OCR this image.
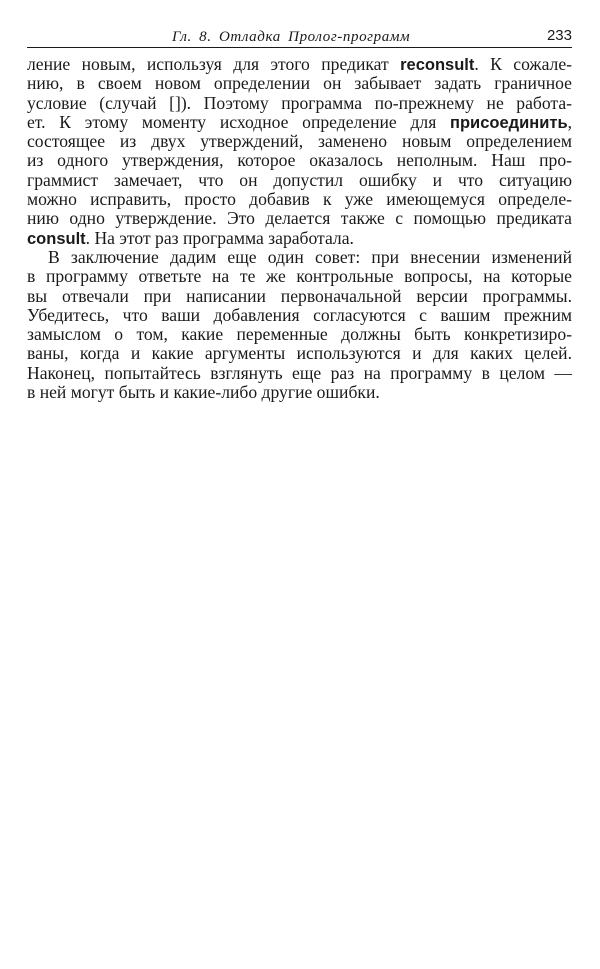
Гл. 8. Отладка Пролог-программ	233
ление новым, используя для этого предикат reconsult. К сожале-
нию, в своем новом определении он забывает задать граничное
условие (случай []). Поэтому программа по-прежнему не работа-
ет. К этому моменту исходное определение для присоединить,
состоящее из двух утверждений, заменено новым определением
из одного утверждения, которое оказалось неполным. Наш про-
граммист замечает, что он допустил ошибку и что ситуацию
можно исправить, просто добавив к уже имеющемуся определе-
нию одно утверждение. Это делается также с помощью предиката
consult. На этот раз программа заработала.
В заключение дадим еще один совет: при внесении изменений
в программу ответьте на те же контрольные вопросы, на которые
вы отвечали при написании первоначальной версии программы.
Убедитесь, что ваши добавления согласуются с вашим прежним
замыслом о том, какие переменные должны быть конкретизиро-
ваны, когда и какие аргументы используются и для каких целей.
Наконец, попытайтесь взглянуть еще раз на программу в целом —
в ней могут быть и какие-либо другие ошибки.
